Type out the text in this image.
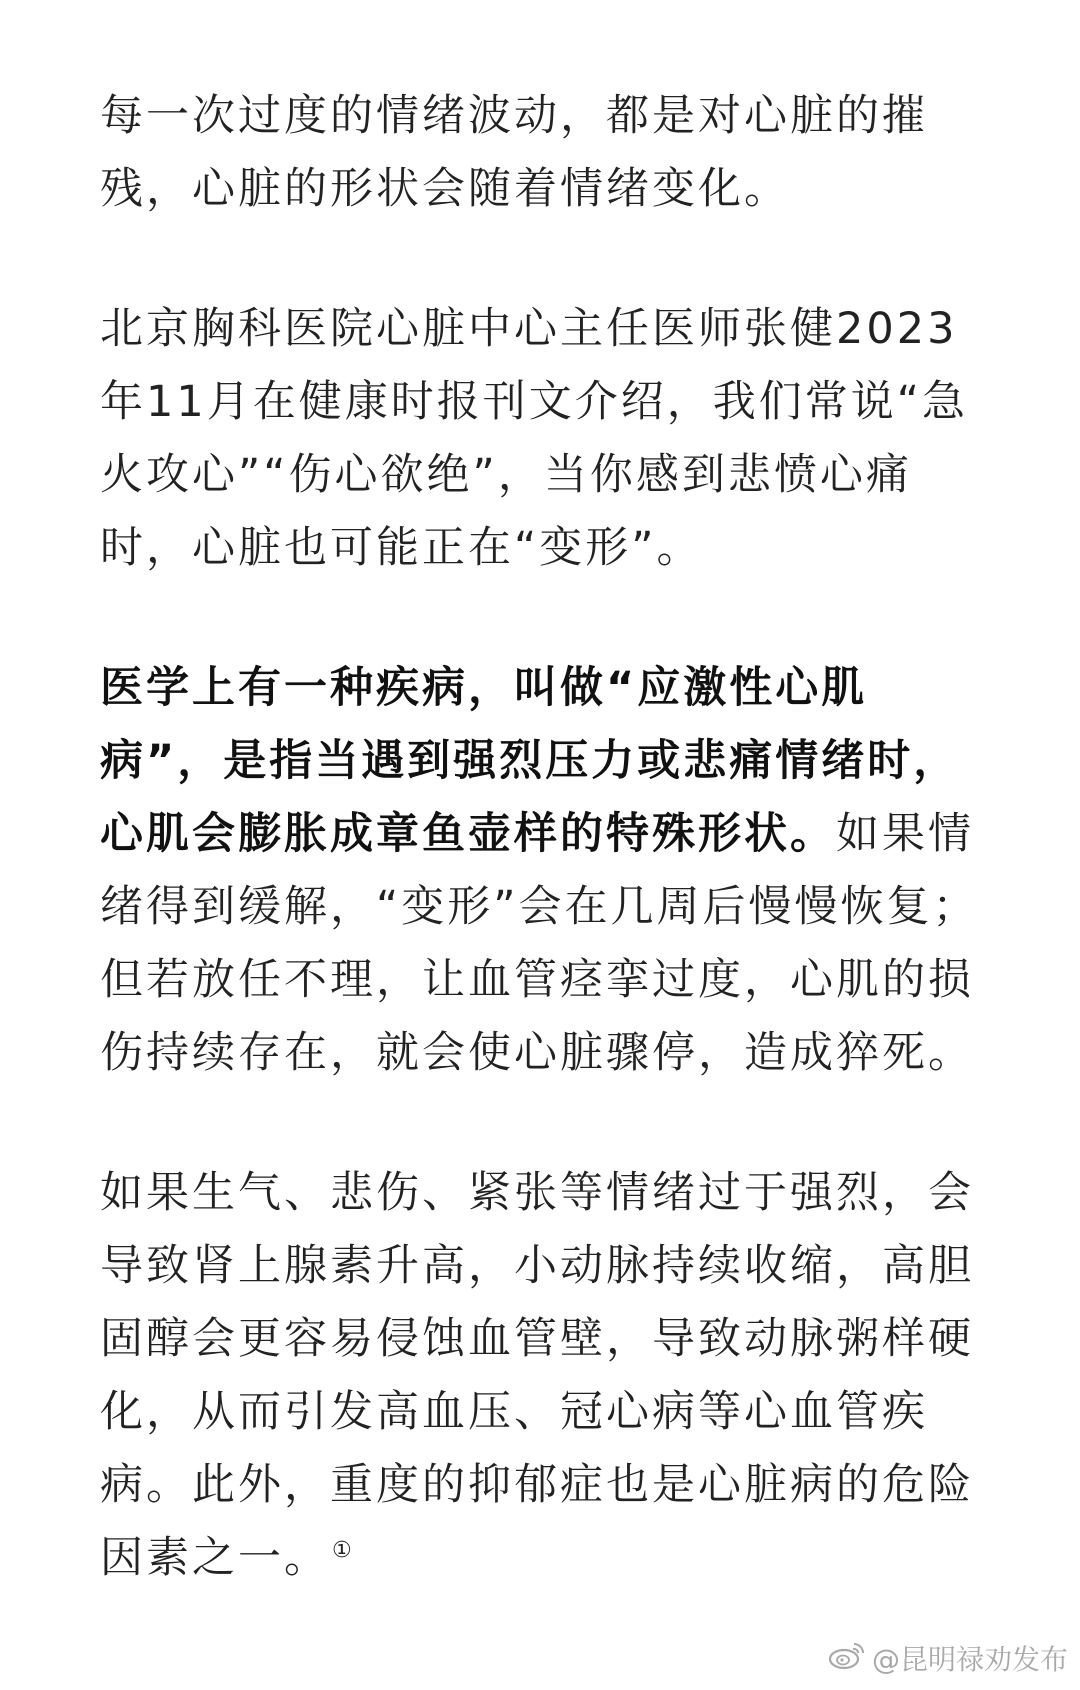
每一次过度的情绪波动，都是对心脏的摧残，心脏的形状会随着情绪变化。

北京胸科医院心脏中心主任医师张健2023年11月在健康时报刊文介绍，我们常说“急火攻心”“伤心欲绝”，当你感到悲愤心痛时，心脏也可能正在“变形”。

医学上有一种疾病，叫做“应激性心肌病”，是指当遇到强烈压力或悲痛情绪时，心肌会膨胀成章鱼壶样的特殊形状。如果情绪得到缓解，“变形”会在几周后慢慢恢复；但若放任不理，让血管痉挛过度，心肌的损伤持续存在，就会使心脏骤停，造成猝死。

如果生气、悲伤、紧张等情绪过于强烈，会导致肾上腺素升高，小动脉持续收缩，高胆固醇会更容易侵蚀血管壁，导致动脉粥样硬化，从而引发高血压、冠心病等心血管疾病。此外，重度的抑郁症也是心脏病的危险因素之一。①

@昆明禄劝发布
